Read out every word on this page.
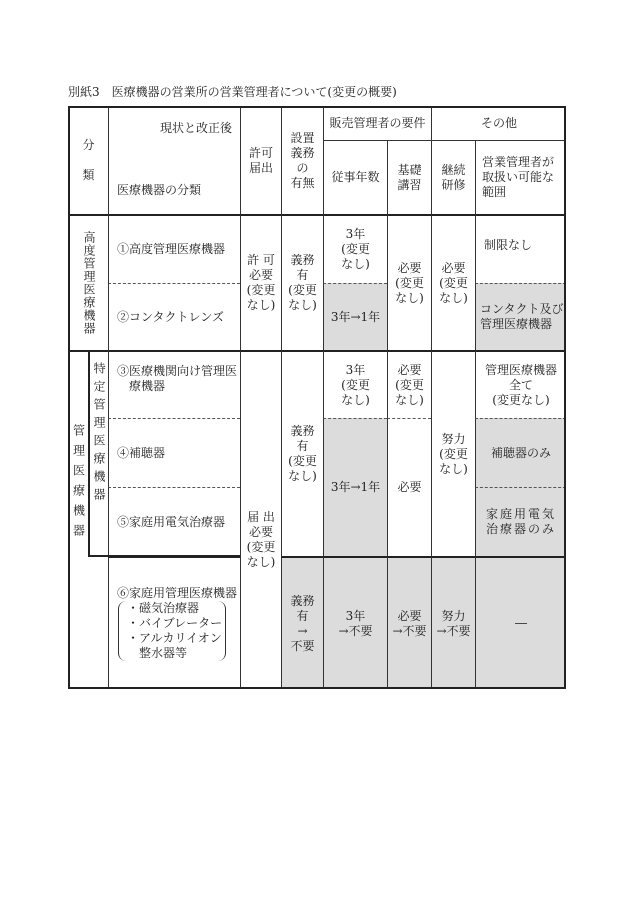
別紙3　医療機器の営業所の営業管理者について(変更の概要)
分

類

現状と改正後

医療機器の分類

許可
届出
設置
義務
の
有無
販売管理者の要件	その他
従事年数
基礎
講習
継続
研修
営業管理者が
取扱い可能な
範囲
高度管理医療機器	①高度管理医療機器
②コンタクトレンズ
許 可
必要
(変更
なし)
義務
有
(変更
なし)
3年
(変更
なし)
3年→1年
必要
(変更
なし)
必要
(変更
なし)
制限なし
コンタクト及び
管理医療機器
管理医療機器 特定管理医療機器 ③医療機関向け管理医
　療機器
④補聴器
⑤家庭用電気治療器
⑥家庭用管理医療機器
・磁気治療器
・バイブレーター
・アルカリイオン
　整水器等
届 出
必要
(変更
なし)
義務
有
(変更
なし)
3年
(変更
なし)
3年→1年
必要
(変更
なし)
必要
努力
(変更
なし)
管理医療機器
全て
(変更なし)
補聴器のみ
家庭用電気
治療器のみ
義務
有
→
不要
3年
→不要
必要
→不要
努力
→不要
―
